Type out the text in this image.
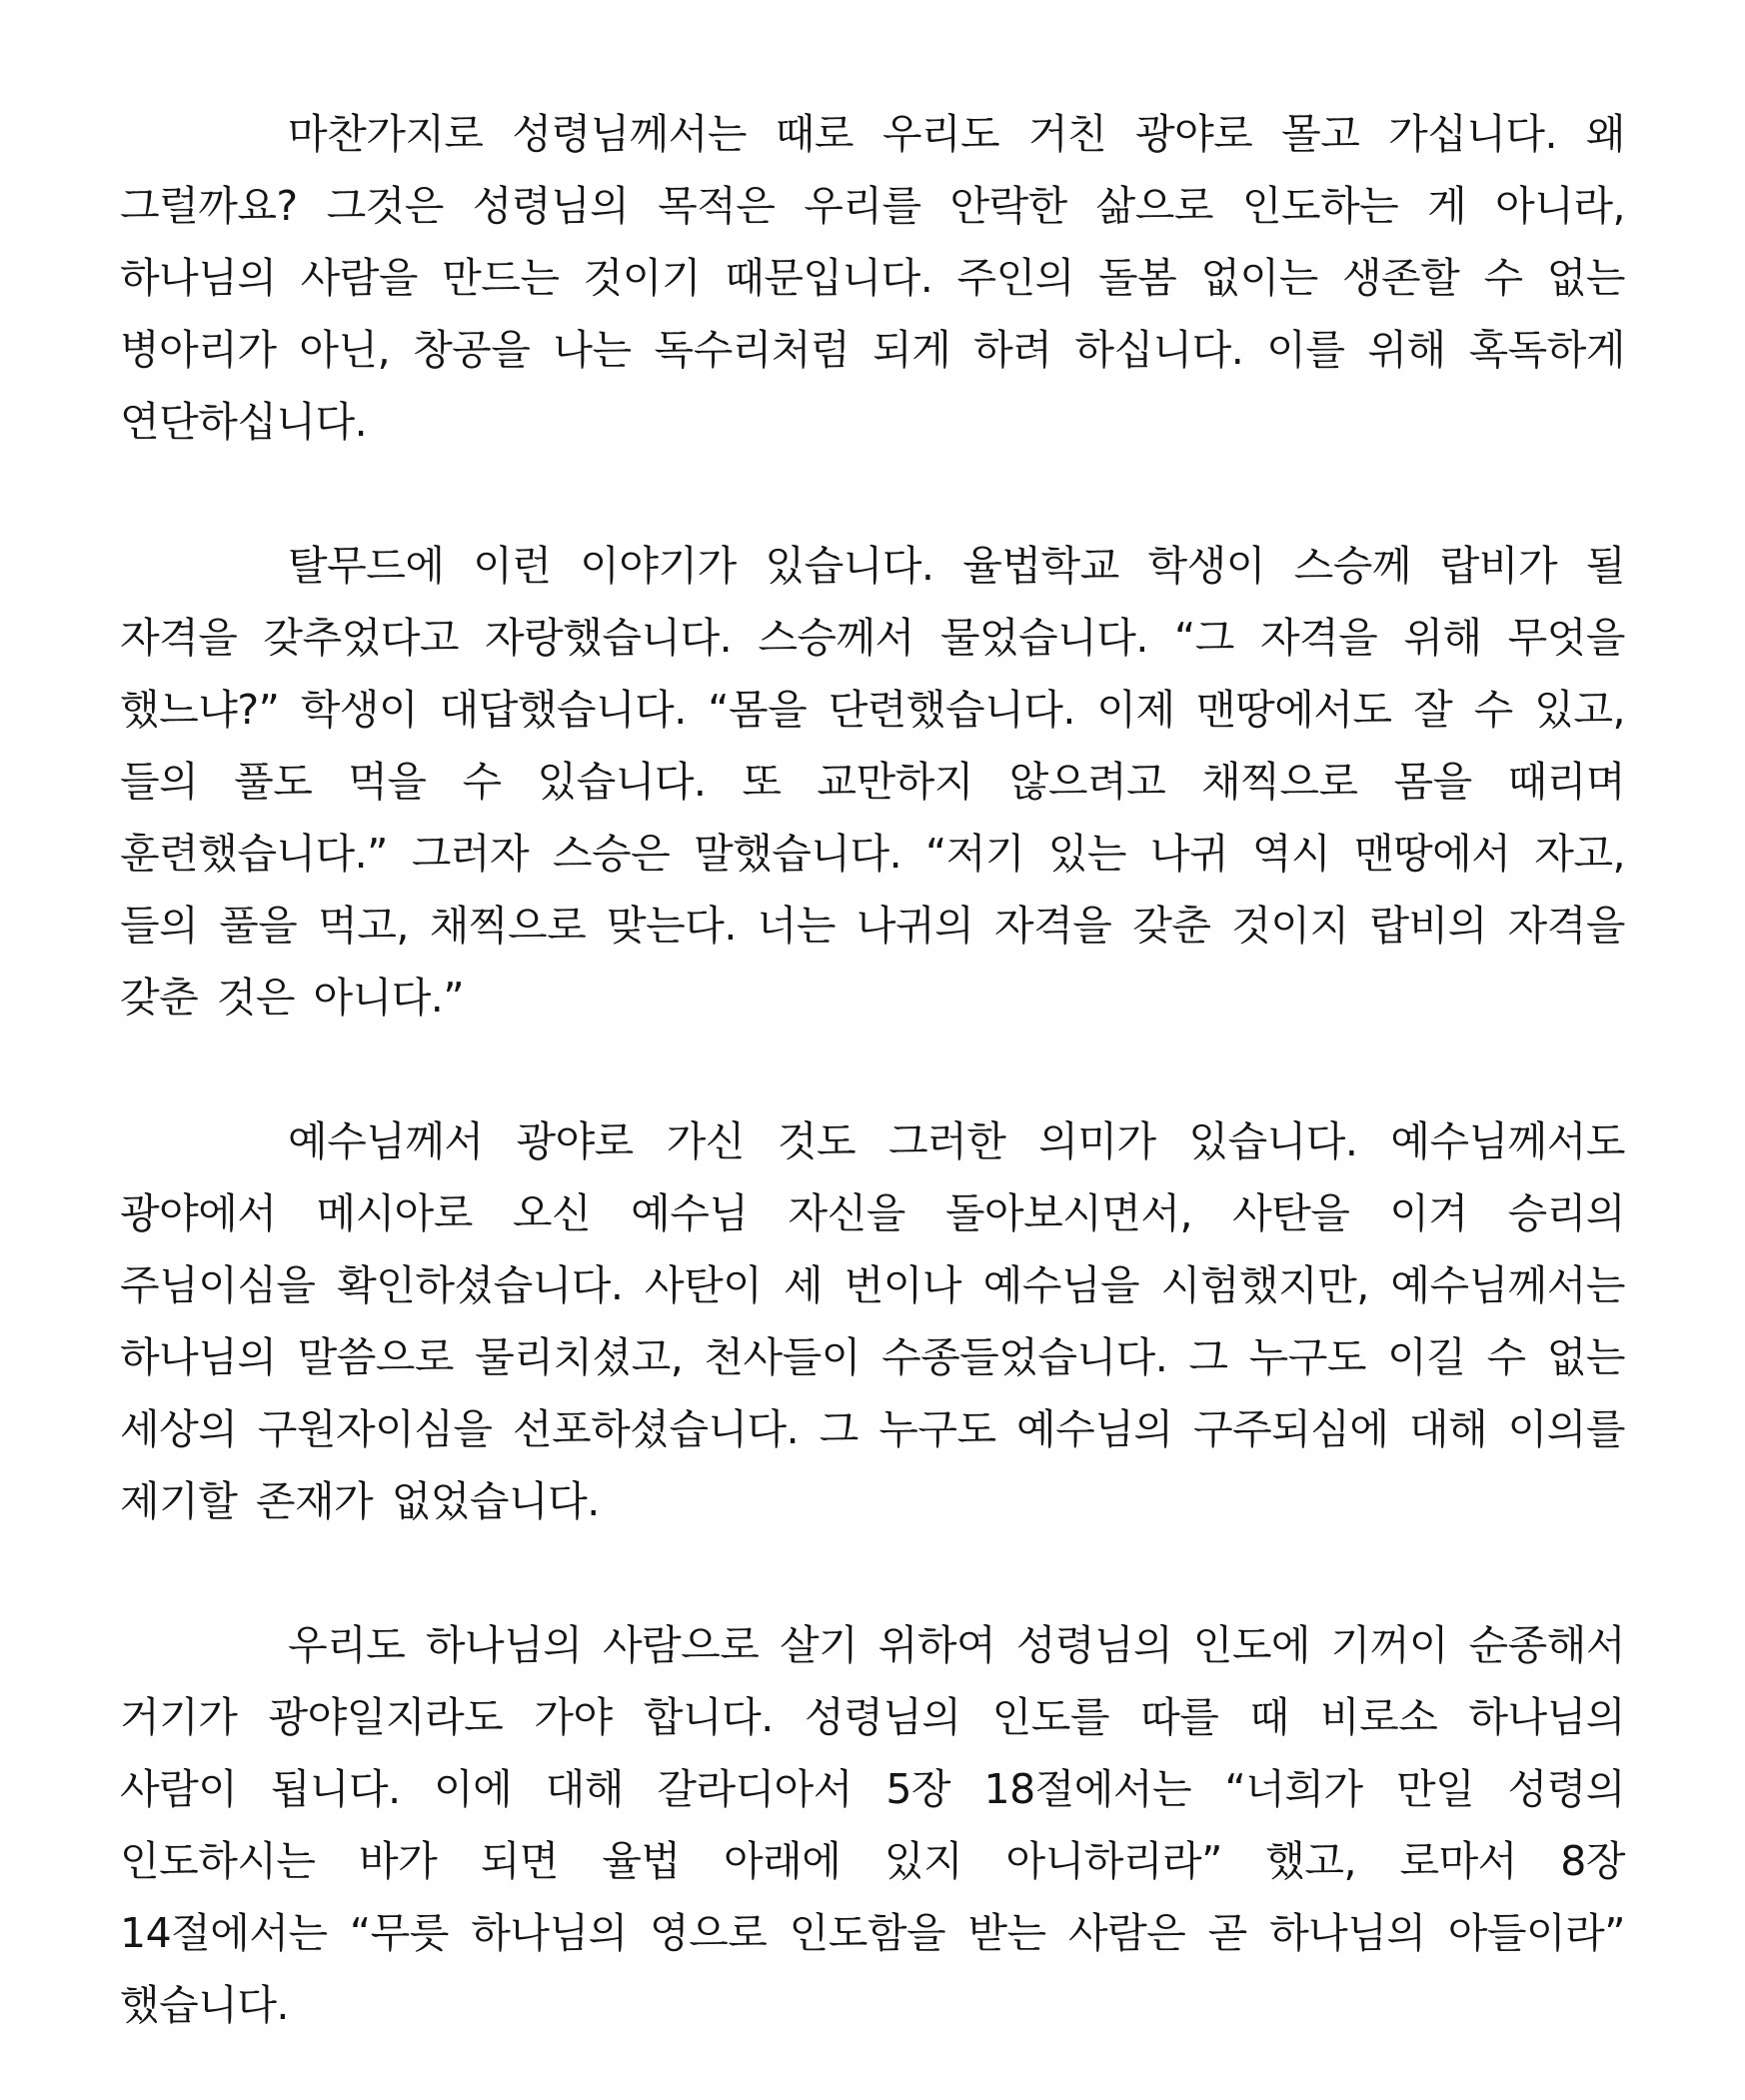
마찬가지로 성령님께서는 때로 우리도 거친 광야로 몰고 가십니다. 왜 그럴까요? 그것은 성령님의 목적은 우리를 안락한 삶으로 인도하는 게 아니라, 하나님의 사람을 만드는 것이기 때문입니다. 주인의 돌봄 없이는 생존할 수 없는 병아리가 아닌, 창공을 나는 독수리처럼 되게 하려 하십니다. 이를 위해 혹독하게 연단하십니다.

탈무드에 이런 이야기가 있습니다. 율법학교 학생이 스승께 랍비가 될 자격을 갖추었다고 자랑했습니다. 스승께서 물었습니다. “그 자격을 위해 무엇을 했느냐?” 학생이 대답했습니다. “몸을 단련했습니다. 이제 맨땅에서도 잘 수 있고, 들의 풀도 먹을 수 있습니다. 또 교만하지 않으려고 채찍으로 몸을 때리며 훈련했습니다.” 그러자 스승은 말했습니다. “저기 있는 나귀 역시 맨땅에서 자고, 들의 풀을 먹고, 채찍으로 맞는다. 너는 나귀의 자격을 갖춘 것이지 랍비의 자격을 갖춘 것은 아니다.”

예수님께서 광야로 가신 것도 그러한 의미가 있습니다. 예수님께서도 광야에서 메시아로 오신 예수님 자신을 돌아보시면서, 사탄을 이겨 승리의 주님이심을 확인하셨습니다. 사탄이 세 번이나 예수님을 시험했지만, 예수님께서는 하나님의 말씀으로 물리치셨고, 천사들이 수종들었습니다. 그 누구도 이길 수 없는 세상의 구원자이심을 선포하셨습니다. 그 누구도 예수님의 구주되심에 대해 이의를 제기할 존재가 없었습니다.

우리도 하나님의 사람으로 살기 위하여 성령님의 인도에 기꺼이 순종해서 거기가 광야일지라도 가야 합니다. 성령님의 인도를 따를 때 비로소 하나님의 사람이 됩니다. 이에 대해 갈라디아서 5장 18절에서는 “너희가 만일 성령의 인도하시는 바가 되면 율법 아래에 있지 아니하리라” 했고, 로마서 8장 14절에서는 “무릇 하나님의 영으로 인도함을 받는 사람은 곧 하나님의 아들이라” 했습니다.
